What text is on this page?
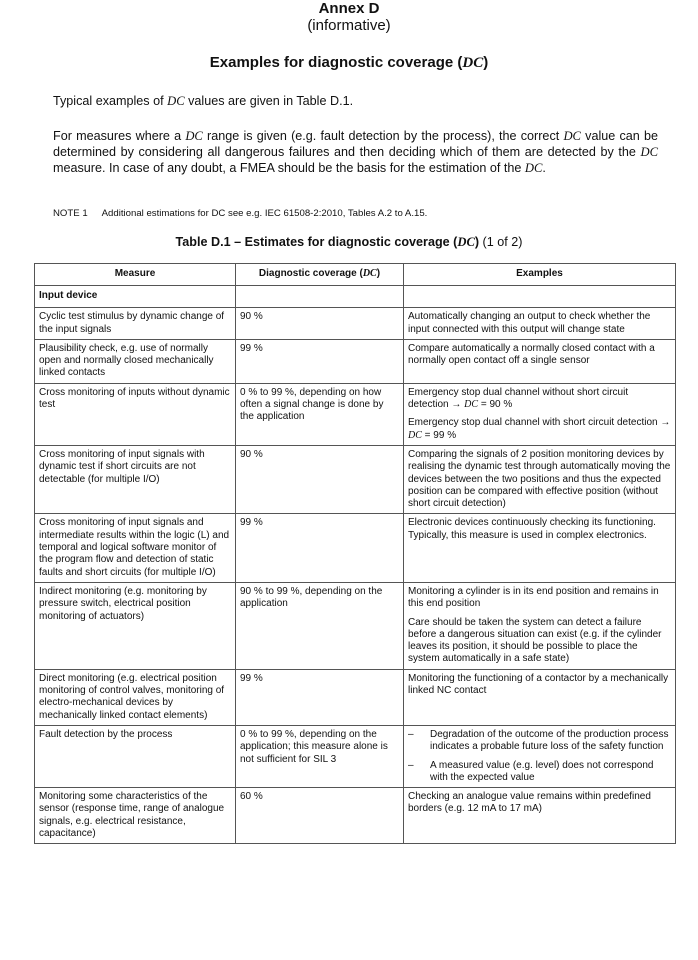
Annex D
(informative)
Examples for diagnostic coverage (DC)

Typical examples of DC values are given in Table D.1.

For measures where a DC range is given (e.g. fault detection by the process), the correct DC value can be determined by considering all dangerous failures and then deciding which of them are detected by the DC measure. In case of any doubt, a FMEA should be the basis for the estimation of the DC.

NOTE 1 Additional estimations for DC see e.g. IEC 61508-2:2010, Tables A.2 to A.15.
Table D.1 – Estimates for diagnostic coverage (DC) (1 of 2)
Measure	Diagnostic coverage (DC)	Examples
Input device		
Cyclic test stimulus by dynamic change of the input signals	90 %	Automatically changing an output to check whether the input connected with this output will change state

Plausibility check, e.g. use of normally open and normally closed mechanically linked contacts	99 %	Compare automatically a normally closed contact with a normally open contact off a single sensor

Cross monitoring of inputs without dynamic test	0 % to 99 %, depending on how often a signal change is done by the application	Emergency stop dual channel without short circuit detection → DC = 90 %
Emergency stop dual channel with short circuit detection → DC = 99 %

Cross monitoring of input signals with dynamic test if short circuits are not detectable (for multiple I/O)	90 %	Comparing the signals of 2 position monitoring devices by realising the dynamic test through automatically moving the devices between the two positions and thus the expected position can be compared with effective position (without short circuit detection)

Cross monitoring of input signals and intermediate results within the logic (L) and temporal and logical software monitor of the program flow and detection of static faults and short circuits (for multiple I/O)	99 %	Electronic devices continuously checking its functioning. Typically, this measure is used in complex electronics.

Indirect monitoring (e.g. monitoring by pressure switch, electrical position monitoring of actuators)	90 % to 99 %, depending on the application	Monitoring a cylinder is in its end position and remains in this end position
Care should be taken the system can detect a failure before a dangerous situation can exist (e.g. if the cylinder leaves its position, it should be possible to place the system automatically in a safe state)

Direct monitoring (e.g. electrical position monitoring of control valves, monitoring of electro-mechanical devices by mechanically linked contact elements)	99 %	Monitoring the functioning of a contactor by a mechanically linked NC contact

Fault detection by the process	0 % to 99 %, depending on the application; this measure alone is not sufficient for SIL 3	– Degradation of the outcome of the production process indicates a probable future loss of the safety function
– A measured value (e.g. level) does not correspond with the expected value

Monitoring some characteristics of the sensor (response time, range of analogue signals, e.g. electrical resistance, capacitance)	60 %	Checking an analogue value remains within predefined borders (e.g. 12 mA to 17 mA)
